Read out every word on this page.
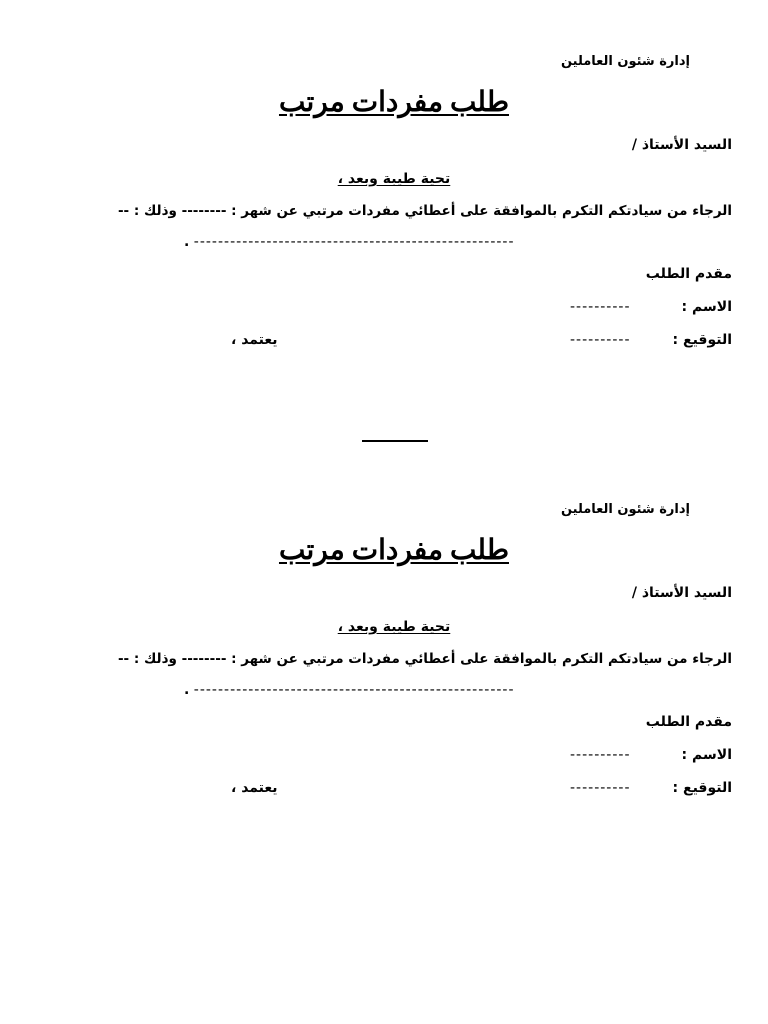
إدارة شئون العاملين
طلب مفردات مرتب
السيد الأستاذ /
تحية طيبة وبعد ،
الرجاء من سيادتكم التكرم بالموافقة على أعطائي مفردات مرتبي عن شهر : -------- وذلك : --
. -----------------------------------------------------
مقدم الطلب
الاسم :
----------
التوقيع :
----------
يعتمد ،
إدارة شئون العاملين
طلب مفردات مرتب
السيد الأستاذ /
تحية طيبة وبعد ،
الرجاء من سيادتكم التكرم بالموافقة على أعطائي مفردات مرتبي عن شهر : -------- وذلك : --
. -----------------------------------------------------
مقدم الطلب
الاسم :
----------
التوقيع :
----------
يعتمد ،
